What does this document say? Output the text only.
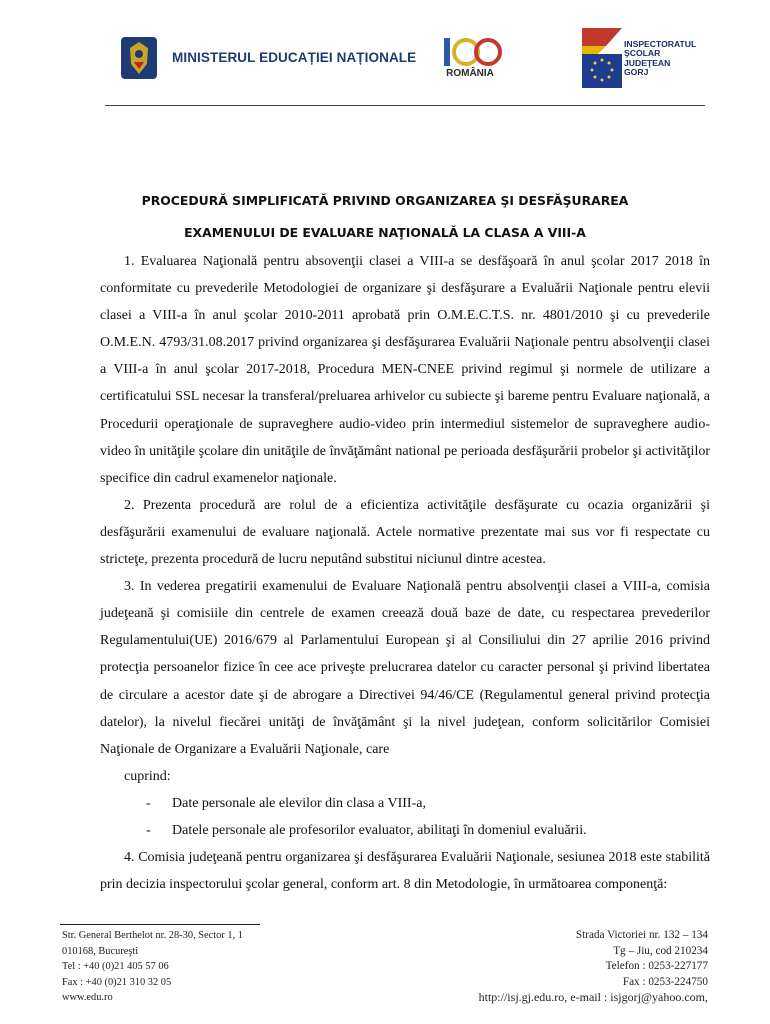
MINISTERUL EDUCAȚIEI NAȚIONALE
ROMÂNIA
INSPECTORATUL
ŞCOLAR
JUDEŢEAN
GORJ
PROCEDURĂ SIMPLIFICATĂ PRIVIND ORGANIZAREA ŞI DESFĂŞURAREA
EXAMENULUI DE EVALUARE NAŢIONALĂ LA CLASA A VIII-A

1. Evaluarea Naţională pentru absovenţii clasei a VIII-a se desfăşoară în anul şcolar 2017 2018 în conformitate cu prevederile Metodologiei de organizare şi desfăşurare a Evaluării Naţionale pentru elevii clasei a VIII-a în anul şcolar 2010-2011 aprobată prin O.M.E.C.T.S. nr. 4801/2010 şi cu prevederile O.M.E.N. 4793/31.08.2017 privind organizarea şi desfăşurarea Evaluării Naţionale pentru absolvenţii clasei a VIII-a în anul şcolar 2017-2018, Procedura MEN-CNEE privind regimul şi normele de utilizare a certificatului SSL necesar la transferal/preluarea arhivelor cu subiecte şi bareme pentru Evaluare naţională, a Procedurii operaţionale de supraveghere audio-video prin intermediul sistemelor de supraveghere audio-video în unităţile şcolare din unităţile de învăţământ national pe perioada desfăşurării probelor şi activităţilor specifice din cadrul examenelor naţionale.

2. Prezenta procedură are rolul de a eficientiza activităţile desfăşurate cu ocazia organizării şi desfăşurării examenului de evaluare naţională. Actele normative prezentate mai sus vor fi respectate cu stricteţe, prezenta procedură de lucru neputând substitui niciunul dintre acestea.

3. In vederea pregatirii examenului de Evaluare Naţională pentru absolvenţii clasei a VIII-a, comisia judeţeană şi comisiile din centrele de examen creează două baze de date, cu respectarea prevederilor Regulamentului(UE) 2016/679 al Parlamentului European şi al Consiliului din 27 aprilie 2016 privind protecţia persoanelor fizice în cee ace priveşte prelucrarea datelor cu caracter personal şi privind libertatea de circulare a acestor date şi de abrogare a Directivei 94/46/CE (Regulamentul general privind protecţia datelor), la nivelul fiecărei unităţi de învăţământ şi la nivel judeţean, conform solicitărilor Comisiei Naţionale de Organizare a Evaluării Naţionale, care

cuprind:

- Date personale ale elevilor din clasa a VIII-a,

- Datele personale ale profesorilor evaluator, abilitaţi în domeniul evaluării.

4. Comisia judeţeană pentru organizarea şi desfăşurarea Evaluării Naţionale, sesiunea 2018 este stabilită prin decizia inspectorului şcolar general, conform art. 8 din Metodologie, în următoarea componenţă:

Str. General Berthelot nr. 28-30, Sector 1, 1
010168, Bucureşti
Tel : +40 (0)21 405 57 06
Fax : +40 (0)21 310 32 05
www.edu.ro
Strada Victoriei nr. 132 – 134
Tg – Jiu, cod 210234
Telefon : 0253-227177
Fax : 0253-224750
http://isj.gj.edu.ro, e-mail : isjgorj@yahoo.com,
